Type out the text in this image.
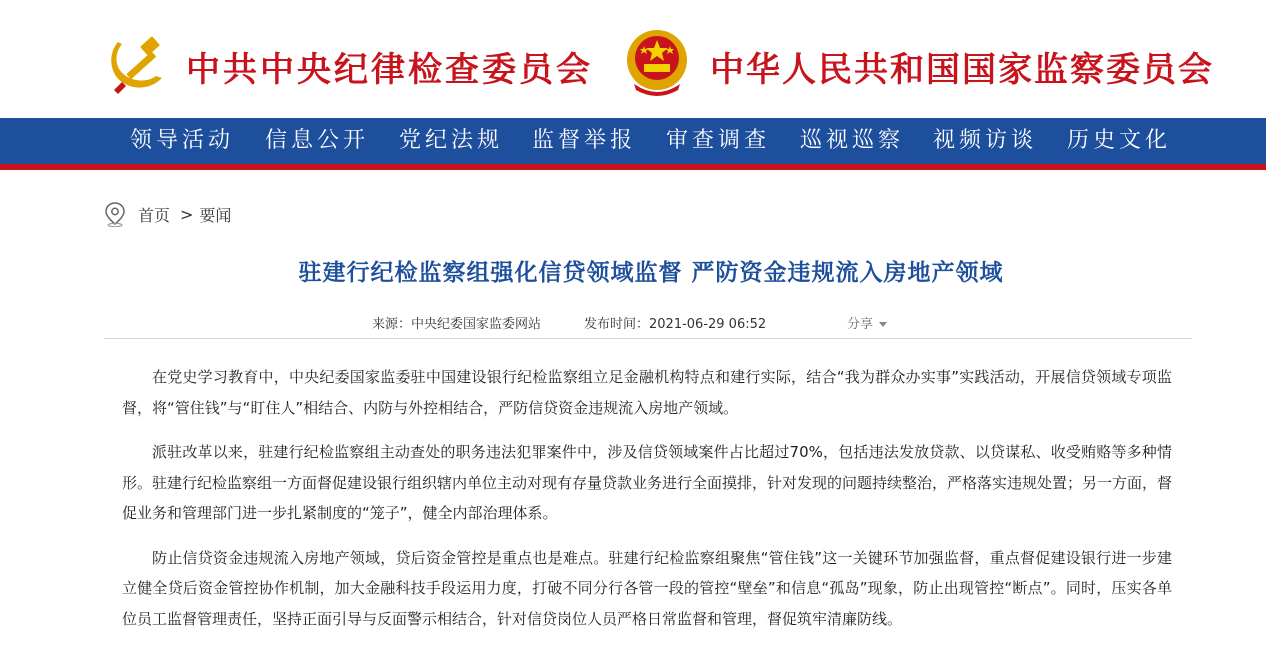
中共中央纪律检查委员会	中华人民共和国国家监察委员会
领导活动 信息公开 党纪法规 监督举报 审查调查 巡视巡察 视频访谈 历史文化
首页 > 要闻
驻建行纪检监察组强化信贷领域监督 严防资金违规流入房地产领域
来源：中央纪委国家监委网站	发布时间：2021-06-29 06:52	分享

在党史学习教育中，中央纪委国家监委驻中国建设银行纪检监察组立足金融机构特点和建行实际，结合“我为群众办实事”实践活动，开展信贷领域专项监督，将“管住钱”与“盯住人”相结合、内防与外控相结合，严防信贷资金违规流入房地产领域。

派驻改革以来，驻建行纪检监察组主动查处的职务违法犯罪案件中，涉及信贷领域案件占比超过70%，包括违法发放贷款、以贷谋私、收受贿赂等多种情形。驻建行纪检监察组一方面督促建设银行组织辖内单位主动对现有存量贷款业务进行全面摸排，针对发现的问题持续整治，严格落实违规处置；另一方面，督促业务和管理部门进一步扎紧制度的“笼子”，健全内部治理体系。

防止信贷资金违规流入房地产领域，贷后资金管控是重点也是难点。驻建行纪检监察组聚焦“管住钱”这一关键环节加强监督，重点督促建设银行进一步建立健全贷后资金管控协作机制，加大金融科技手段运用力度，打破不同分行各管一段的管控“壁垒”和信息“孤岛”现象，防止出现管控“断点”。同时，压实各单位员工监督管理责任，坚持正面引导与反面警示相结合，针对信贷岗位人员严格日常监督和管理，督促筑牢清廉防线。
